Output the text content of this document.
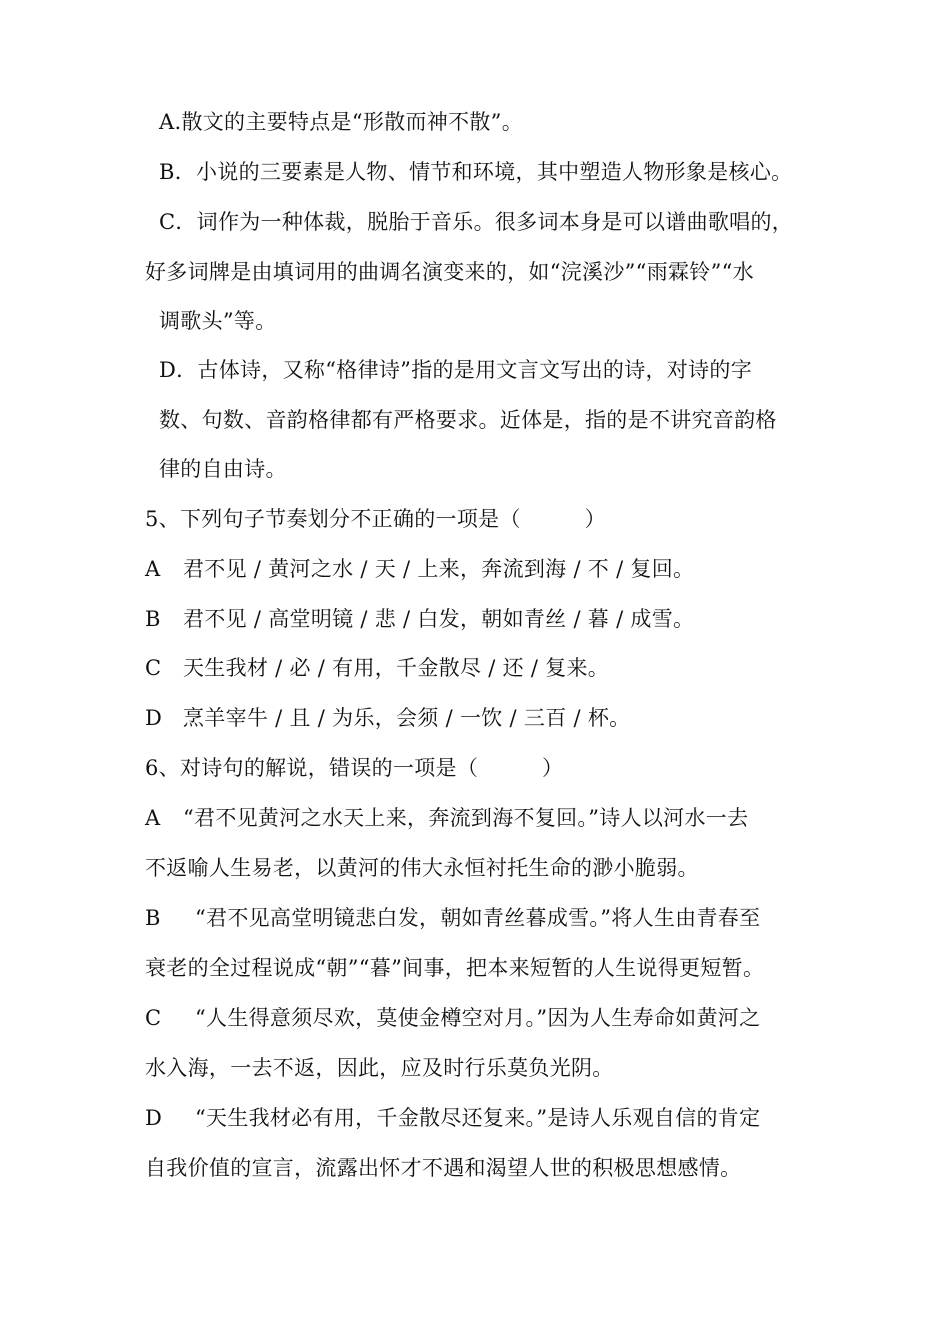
A.散文的主要特点是“形散而神不散”。
B．小说的三要素是人物、情节和环境，其中塑造人物形象是核心。
C．词作为一种体裁，脱胎于音乐。很多词本身是可以谱曲歌唱的，
好多词牌是由填词用的曲调名演变来的，如“浣溪沙”“雨霖铃”“水
调歌头”等。
D．古体诗，又称“格律诗”指的是用文言文写出的诗，对诗的字
数、句数、音韵格律都有严格要求。近体是，指的是不讲究音韵格
律的自由诗。
5、下列句子节奏划分不正确的一项是（　　　）
A 君不见 / 黄河之水 / 天 / 上来，奔流到海 / 不 / 复回。
B 君不见 / 高堂明镜 / 悲 / 白发，朝如青丝 / 暮 / 成雪。
C 天生我材 / 必 / 有用，千金散尽 / 还 / 复来。
D 烹羊宰牛 / 且 / 为乐，会须 / 一饮 / 三百 / 杯。
6、对诗句的解说，错误的一项是（　　　）
A “君不见黄河之水天上来，奔流到海不复回。”诗人以河水一去
不返喻人生易老，以黄河的伟大永恒衬托生命的渺小脆弱。
B “君不见高堂明镜悲白发，朝如青丝暮成雪。”将人生由青春至
衰老的全过程说成“朝”“暮”间事，把本来短暂的人生说得更短暂。
C “人生得意须尽欢，莫使金樽空对月。”因为人生寿命如黄河之
水入海，一去不返，因此，应及时行乐莫负光阴。
D “天生我材必有用，千金散尽还复来。”是诗人乐观自信的肯定
自我价值的宣言，流露出怀才不遇和渴望人世的积极思想感情。
